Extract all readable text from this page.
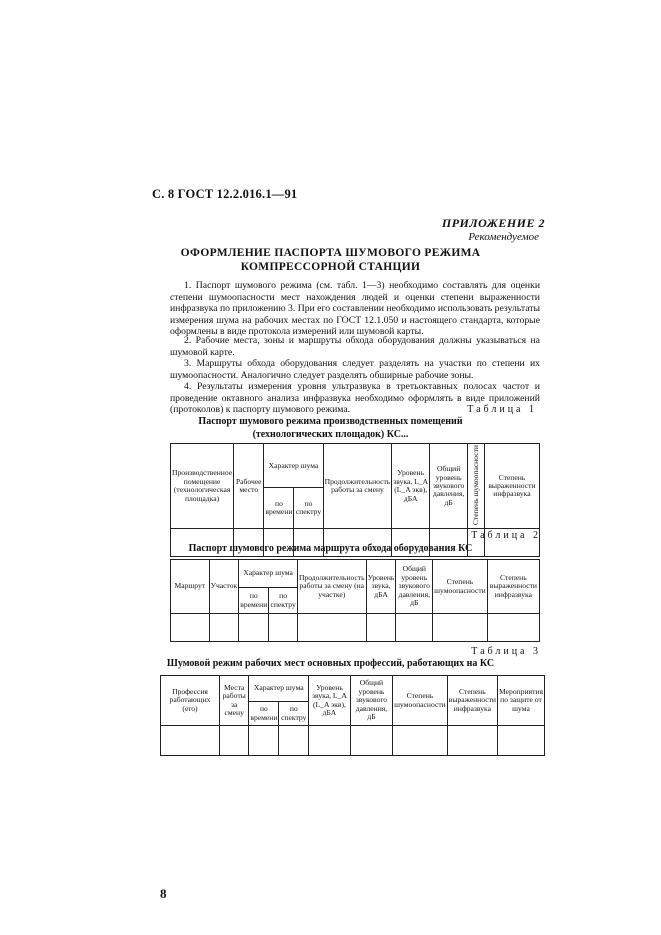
С. 8 ГОСТ 12.2.016.1—91
ПРИЛОЖЕНИЕ 2
Рекомендуемое
ОФОРМЛЕНИЕ ПАСПОРТА ШУМОВОГО РЕЖИМА
КОМПРЕССОРНОЙ СТАНЦИИ
1. Паспорт шумового режима (см. табл. 1—3) необходимо составлять для оценки степени шумоопасности мест нахождения людей и оценки степени выраженности инфразвука по приложению 3. При его составлении необходимо использовать результаты измерения шума на рабочих местах по ГОСТ 12.1.050 и настоящего стандарта, которые оформлены в виде протокола измерений или шумовой карты.
2. Рабочие места, зоны и маршруты обхода оборудования должны указываться на шумовой карте.
3. Маршруты обхода оборудования следует разделять на участки по степени их шумоопасности. Аналогично следует разделять обширные рабочие зоны.
4. Результаты измерения уровня ультразвука в третьоктавных полосах частот и проведение октавного анализа инфразвука необходимо оформлять в виде приложений (протоколов) к паспорту шумового режима.	Таблица 1
Паспорт шумового режима производственных помещений
(технологических площадок) КС...
Производственное помещение (технологическая площадка)	Рабочее место	Характер шума		Продолжительность работы за смену	Уровень звука, L_A (L_A экв), дБА	Общий уровень звукового давления, дБ	Степень шумоопасности	Степень выраженности инфразвука
		по времени	по спектру					

Таблица 2
Паспорт шумового режима маршрута обхода оборудования КС
Маршрут	Участок	Характер шума		Продолжительность работы за смену (на участке)	Уровень звука, дБА	Общий уровень звукового давления, дБ	Степень шумоопасности	Степень выраженности инфразвука
		по времени	по спектру					

Таблица 3
Шумовой режим рабочих мест основных профессий, работающих на КС
Профессия работающих (его)	Места работы за смену	Характер шума		Уровень звука, L_A (L_A экв), дБА	Общий уровень звукового давления, дБ	Степень шумоопасности	Степень выраженности инфразвука	Мероприятия по защите от шума
		по времени	по спектру					

8
